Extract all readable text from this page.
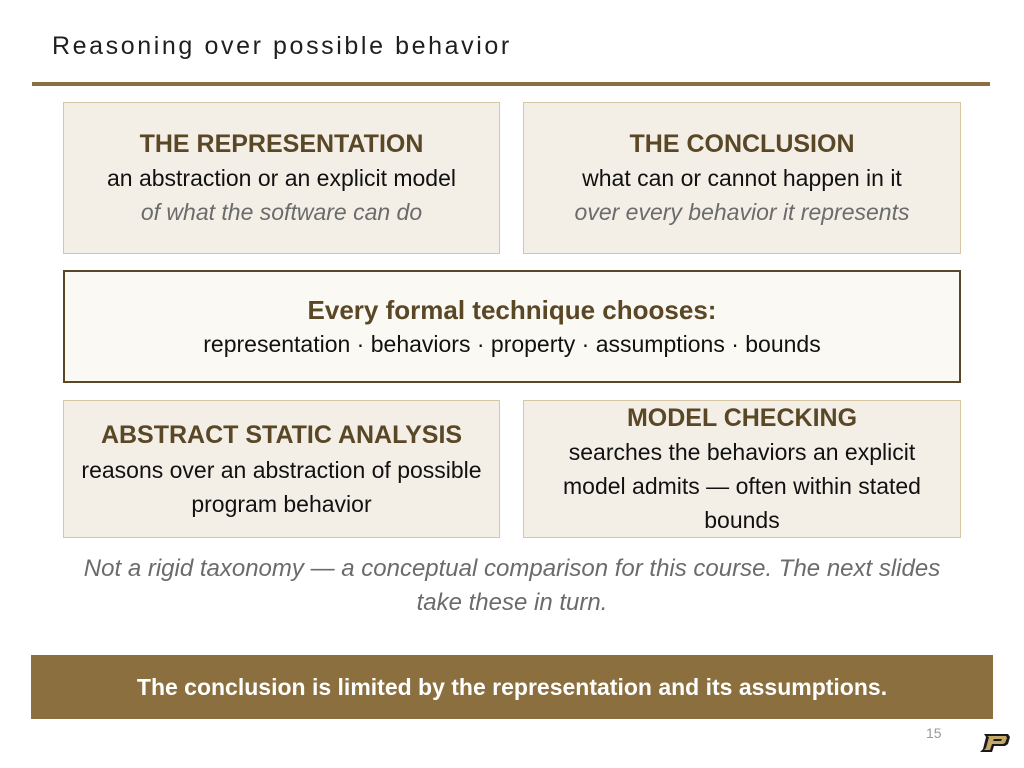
Reasoning over possible behavior
THE REPRESENTATION
an abstraction or an explicit model
of what the software can do
THE CONCLUSION
what can or cannot happen in it
over every behavior it represents
Every formal technique chooses:
representation · behaviors · property · assumptions · bounds
ABSTRACT STATIC ANALYSIS
reasons over an abstraction of possible program behavior
MODEL CHECKING
searches the behaviors an explicit model admits — often within stated bounds
Not a rigid taxonomy — a conceptual comparison for this course. The next slides take these in turn.
The conclusion is limited by the representation and its assumptions.
15
